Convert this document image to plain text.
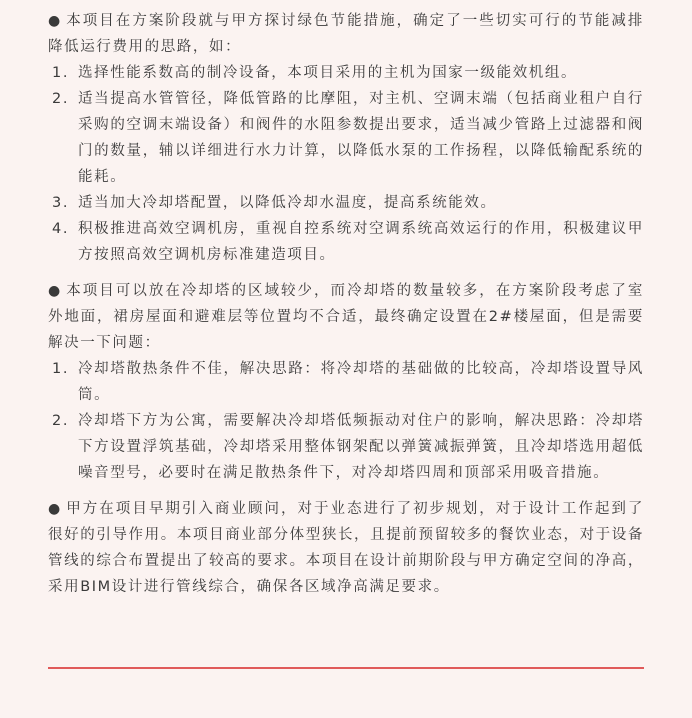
● 本项目在方案阶段就与甲方探讨绿色节能措施，确定了一些切实可行的节能减排降低运行费用的思路，如：

1. 选择性能系数高的制冷设备，本项目采用的主机为国家一级能效机组。
2. 适当提高水管管径，降低管路的比摩阻，对主机、空调末端（包括商业租户自行采购的空调末端设备）和阀件的水阻参数提出要求，适当减少管路上过滤器和阀门的数量，辅以详细进行水力计算，以降低水泵的工作扬程，以降低输配系统的能耗。
3. 适当加大冷却塔配置，以降低冷却水温度，提高系统能效。
4. 积极推进高效空调机房，重视自控系统对空调系统高效运行的作用，积极建议甲方按照高效空调机房标准建造项目。

● 本项目可以放在冷却塔的区域较少，而冷却塔的数量较多，在方案阶段考虑了室外地面，裙房屋面和避难层等位置均不合适，最终确定设置在2#楼屋面，但是需要解决一下问题：

1. 冷却塔散热条件不佳，解决思路：将冷却塔的基础做的比较高，冷却塔设置导风筒。
2. 冷却塔下方为公寓，需要解决冷却塔低频振动对住户的影响，解决思路：冷却塔下方设置浮筑基础，冷却塔采用整体钢架配以弹簧减振弹簧，且冷却塔选用超低噪音型号，必要时在满足散热条件下，对冷却塔四周和顶部采用吸音措施。

● 甲方在项目早期引入商业顾问，对于业态进行了初步规划，对于设计工作起到了很好的引导作用。本项目商业部分体型狭长，且提前预留较多的餐饮业态，对于设备管线的综合布置提出了较高的要求。本项目在设计前期阶段与甲方确定空间的净高，采用BIM设计进行管线综合，确保各区域净高满足要求。
